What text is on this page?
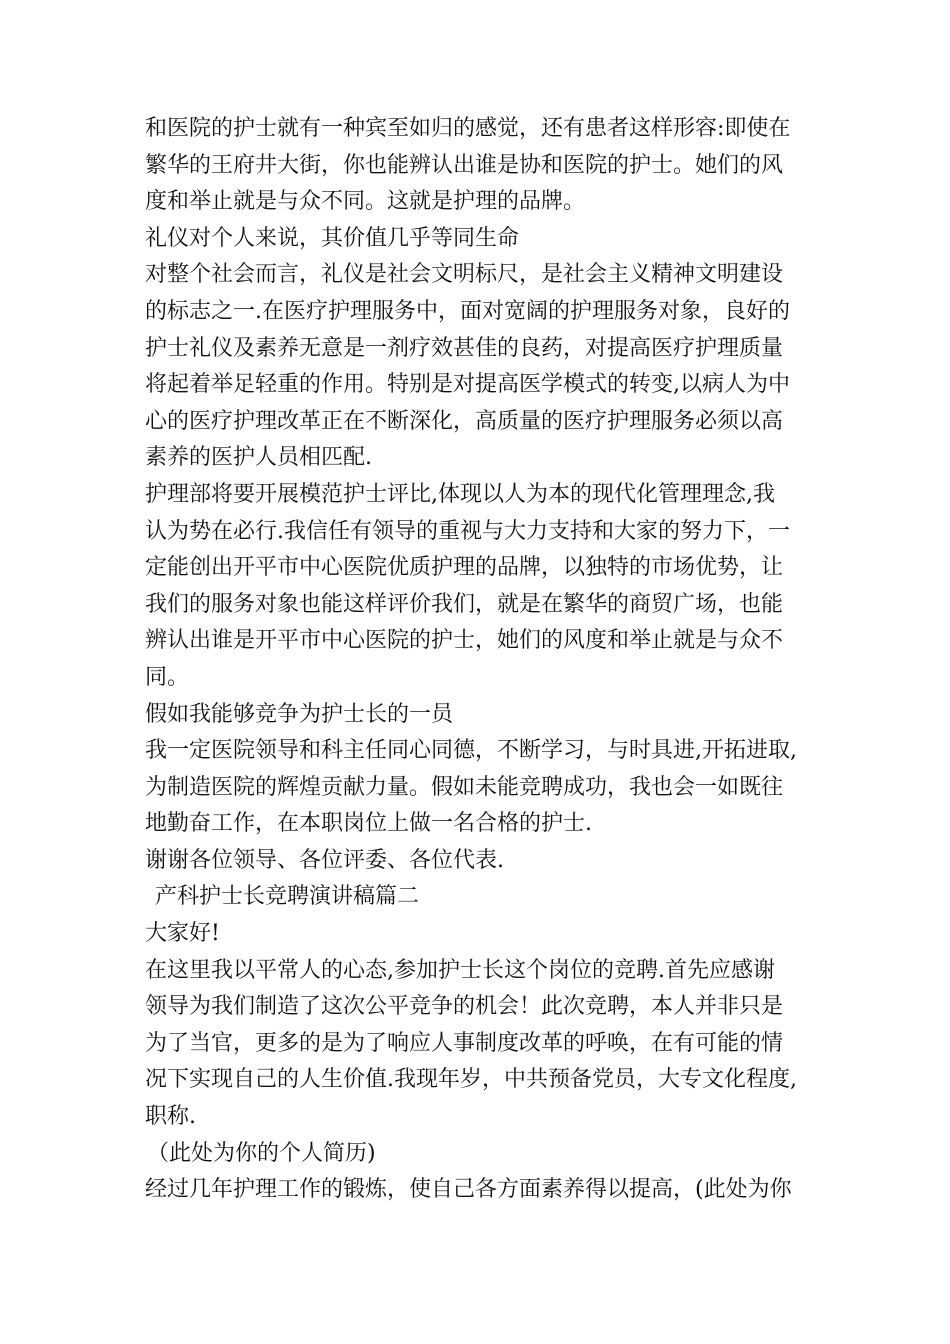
和医院的护士就有一种宾至如归的感觉，还有患者这样形容:即使在
繁华的王府井大街，你也能辨认出谁是协和医院的护士。她们的风
度和举止就是与众不同。这就是护理的品牌。
礼仪对个人来说，其价值几乎等同生命
对整个社会而言，礼仪是社会文明标尺，是社会主义精神文明建设
的标志之一.在医疗护理服务中，面对宽阔的护理服务对象，良好的
护士礼仪及素养无意是一剂疗效甚佳的良药，对提高医疗护理质量
将起着举足轻重的作用。特别是对提高医学模式的转变,以病人为中
心的医疗护理改革正在不断深化，高质量的医疗护理服务必须以高
素养的医护人员相匹配.
护理部将要开展模范护士评比,体现以人为本的现代化管理理念,我
认为势在必行.我信任有领导的重视与大力支持和大家的努力下，一
定能创出开平市中心医院优质护理的品牌，以独特的市场优势，让
我们的服务对象也能这样评价我们，就是在繁华的商贸广场，也能
辨认出谁是开平市中心医院的护士，她们的风度和举止就是与众不
同。
假如我能够竞争为护士长的一员
我一定医院领导和科主任同心同德，不断学习，与时具进,开拓进取,
为制造医院的辉煌贡献力量。假如未能竞聘成功，我也会一如既往
地勤奋工作，在本职岗位上做一名合格的护士.
谢谢各位领导、各位评委、各位代表.
产科护士长竞聘演讲稿篇二
大家好!
在这里我以平常人的心态,参加护士长这个岗位的竞聘.首先应感谢
领导为我们制造了这次公平竞争的机会！此次竞聘，本人并非只是
为了当官，更多的是为了响应人事制度改革的呼唤，在有可能的情
况下实现自己的人生价值.我现年岁，中共预备党员，大专文化程度,
职称.
（此处为你的个人简历)
经过几年护理工作的锻炼，使自己各方面素养得以提高，(此处为你
